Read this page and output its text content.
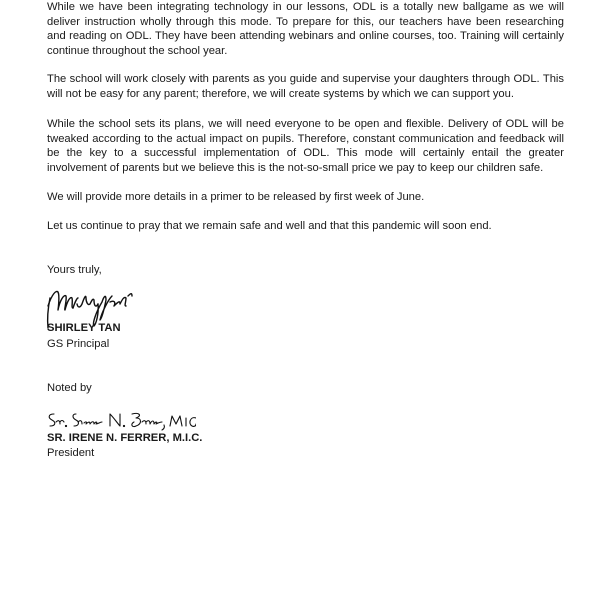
While we have been integrating technology in our lessons, ODL is a totally new ballgame as we will deliver instruction wholly through this mode. To prepare for this, our teachers have been researching and reading on ODL. They have been attending webinars and online courses, too. Training will certainly continue throughout the school year.
The school will work closely with parents as you guide and supervise your daughters through ODL. This will not be easy for any parent; therefore, we will create systems by which we can support you.
While the school sets its plans, we will need everyone to be open and flexible. Delivery of ODL will be tweaked according to the actual impact on pupils. Therefore, constant communication and feedback will be the key to a successful implementation of ODL. This mode will certainly entail the greater involvement of parents but we believe this is the not-so-small price we pay to keep our children safe.
We will provide more details in a primer to be released by first week of June.
Let us continue to pray that we remain safe and well and that this pandemic will soon end.
Yours truly,
SHIRLEY TAN
GS Principal
Noted by
SR. IRENE N. FERRER, M.I.C.
President
